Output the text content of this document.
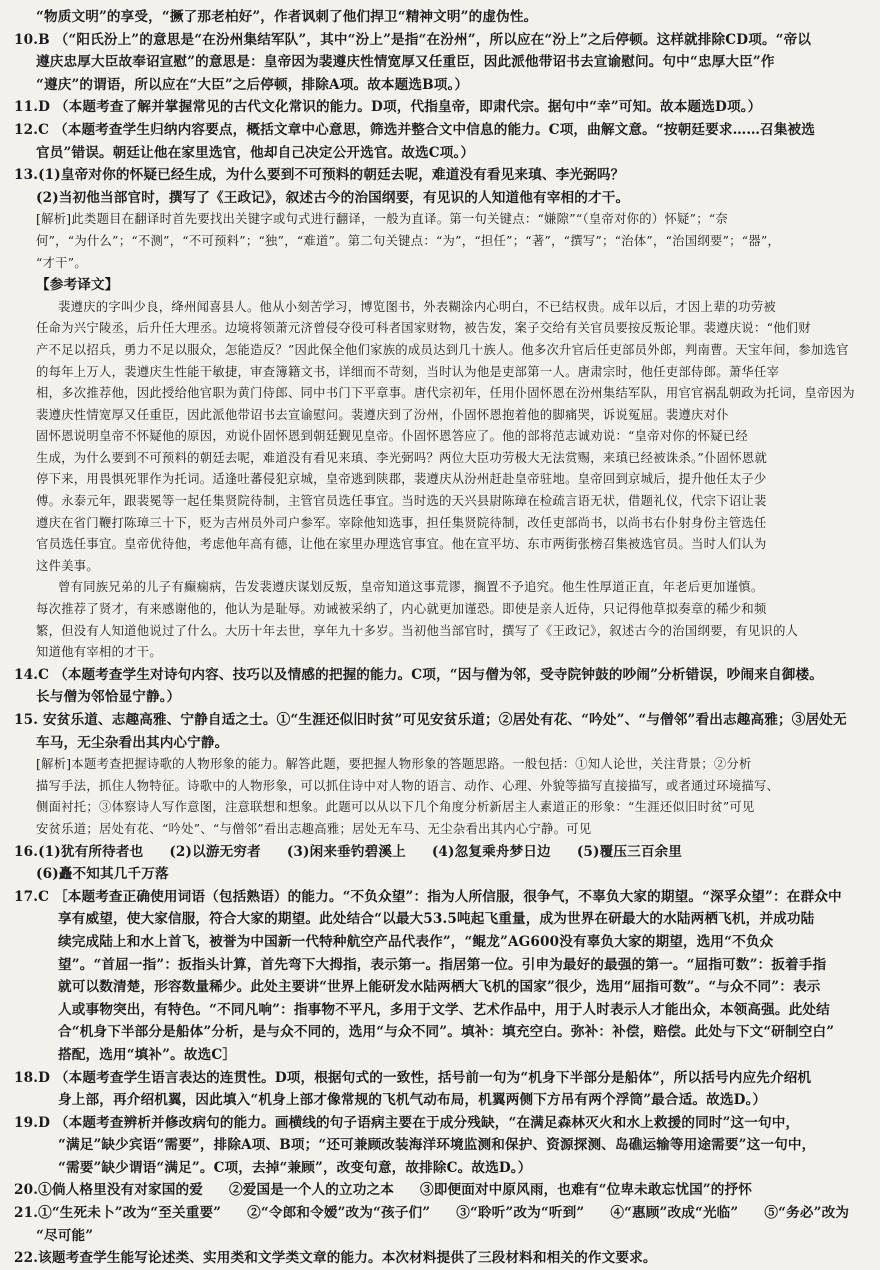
“物质文明”的享受，“撅了那老柏好”，作者讽刺了他们捍卫“精神文明”的虚伪性。
10.B （“阳氏汾上”的意思是“在汾州集结军队”，其中“汾上”是指“在汾州”，所以应在“汾上”之后停顿。这样就排除CD项。“帝以
遵庆忠厚大臣故奉诏宣慰”的意思是：皇帝因为裴遵庆性情宽厚又任重臣，因此派他带诏书去宣谕慰问。句中“忠厚大臣”作
“遵庆”的谓语，所以应在“大臣”之后停顿，排除A项。故本题选B项。）
11.D （本题考查了解并掌握常见的古代文化常识的能力。D项，代指皇帝，即肃代宗。据句中“幸”可知。故本题选D项。）
12.C （本题考查学生归纳内容要点，概括文章中心意思，筛选并整合文中信息的能力。C项，曲解文意。“按朝廷要求……召集被选
官员”错误。朝廷让他在家里选官，他却自己决定公开选官。故选C项。）
13.(1)皇帝对你的怀疑已经生成，为什么要到不可预料的朝廷去呢，难道没有看见来瑱、李光弼吗？
(2)当初他当部官时，撰写了《王政记》，叙述古今的治国纲要，有见识的人知道他有宰相的才干。
[解析]此类题目在翻译时首先要找出关键字或句式进行翻译，一般为直译。第一句关键点：“嫌隙”“（皇帝对你的）怀疑”；“奈
何”，“为什么”；“不测”，“不可预料”；“独”，“难道”。第二句关键点：“为”，“担任”；“著”，“撰写”；“治体”，“治国纲要”；“器”，
“才干”。
【参考译文】
裴遵庆的字叫少良，绛州闻喜县人。他从小刻苦学习，博览图书，外表糊涂内心明白，不已结权贵。成年以后，才因上辈的功劳被
任命为兴宁陵丞，后升任大理丞。边境将领萧元济曾侵夺役可科者国家财物，被告发，案子交给有关官员要按反叛论罪。裴遵庆说：“他们财
产不足以招兵，勇力不足以服众，怎能造反？”因此保全他们家族的成员达到几十族人。他多次升官后任吏部员外郎，判南曹。天宝年间，参加选官
的每年上万人，裴遵庆生性能干敏捷，审查簿籍文书，详细而不苛刻，当时认为他是吏部第一人。唐肃宗时，他任吏部侍郎。萧华任宰
相，多次推荐他，因此授给他官职为黄门侍郎、同中书门下平章事。唐代宗初年，任用仆固怀恩在汾州集结军队，用官官祸乱朝政为托词，皇帝因为
裴遵庆性情宽厚又任重臣，因此派他带诏书去宣谕慰问。裴遵庆到了汾州，仆固怀恩抱着他的脚痛哭，诉说冤屈。裴遵庆对仆
固怀恩说明皇帝不怀疑他的原因，劝说仆固怀恩到朝廷觐见皇帝。仆固怀恩答应了。他的部将范志诚劝说：“皇帝对你的怀疑已经
生成，为什么要到不可预料的朝廷去呢，难道没有看见来瑱、李光弼吗？两位大臣功劳极大无法赏赐，来瑱已经被诛杀。”仆固怀恩就
停下来，用畏惧死罪作为托词。适逢吐蕃侵犯京城，皇帝逃到陕郡，裴遵庆从汾州赶赴皇帝驻地。皇帝回到京城后，提升他任太子少
傅。永泰元年，跟裴冕等一起任集贤院待制，主管官员选任事宜。当时选的天兴县尉陈璋在检疏言语无状，借题礼仪，代宗下诏让裴
遵庆在省门鞭打陈璋三十下，贬为吉州员外司户参军。宰除他知选事，担任集贤院待制，改任吏部尚书，以尚书右仆射身份主管选任
官员选任事宜。皇帝优待他，考虑他年高有德，让他在家里办理选官事宜。他在宣平坊、东市两街张榜召集被选官员。当时人们认为
这件美事。
曾有同族兄弟的儿子有癫痫病，告发裴遵庆谋划反叛，皇帝知道这事荒谬，搁置不予追究。他生性厚道正直，年老后更加谨慎。
每次推荐了贤才，有来感谢他的，他认为是耻辱。劝诫被采纳了，内心就更加谨恐。即使是亲人近侍，只记得他草拟奏章的稀少和频
繁，但没有人知道他说过了什么。大历十年去世，享年九十多岁。当初他当部官时，撰写了《王政记》，叙述古今的治国纲要，有见识的人
知道他有宰相的才干。
14.C （本题考查学生对诗句内容、技巧以及情感的把握的能力。C项，“因与僧为邻，受寺院钟鼓的吵闹”分析错误，吵闹来自御楼。
长与僧为邻恰显宁静。）
15. 安贫乐道、志趣高雅、宁静自适之士。①“生涯还似旧时贫”可见安贫乐道；②居处有花、“吟处”、“与僧邻”看出志趣高雅；③居处无
车马，无尘杂看出其内心宁静。
[解析]本题考查把握诗歌的人物形象的能力。解答此题，要把握人物形象的答题思路。一般包括：①知人论世，关注背景；②分析
描写手法，抓住人物特征。诗歌中的人物形象，可以抓住诗中对人物的语言、动作、心理、外貌等描写直接描写，或者通过环境描写、
侧面衬托；③体察诗人写作意图，注意联想和想象。此题可以从以下几个角度分析新居主人素道正的形象：“生涯还似旧时贫”可见
安贫乐道；居处有花、“吟处”、“与僧邻”看出志趣高雅；居处无车马、无尘杂看出其内心宁静。可见
16.(1)犹有所待者也 (2)以游无穷者 (3)闲来垂钓碧溪上 (4)忽复乘舟梦日边 (5)覆压三百余里
(6)矗不知其几千万落
17.C ［本题考查正确使用词语（包括熟语）的能力。“不负众望”：指为人所信服，很争气，不辜负大家的期望。“深孚众望”：在群众中
享有威望，使大家信服，符合大家的期望。此处结合“以最大53.5吨起飞重量，成为世界在研最大的水陆两栖飞机，并成功陆
续完成陆上和水上首飞，被誉为中国新一代特种航空产品代表作”，“鲲龙”AG600没有辜负大家的期望，选用“不负众
望”。“首屈一指”：扳指头计算，首先弯下大拇指，表示第一。指居第一位。引申为最好的最强的第一。“屈指可数”：扳着手指
就可以数清楚，形容数量稀少。此处主要讲“世界上能研发水陆两栖大飞机的国家”很少，选用“屈指可数”。“与众不同”：表示
人或事物突出，有特色。“不同凡响”：指事物不平凡，多用于文学、艺术作品中，用于人时表示人才能出众，本领高强。此处结
合“机身下半部分是船体”分析，是与众不同的，选用“与众不同”。填补：填充空白。弥补：补偿，赔偿。此处与下文“研制空白”
搭配，选用“填补”。故选C］
18.D （本题考查学生语言表达的连贯性。D项，根据句式的一致性，括号前一句为“机身下半部分是船体”，所以括号内应先介绍机
身上部，再介绍机翼，因此填入“机身上部才像常规的飞机气动布局，机翼两侧下方吊有两个浮筒”最合适。故选D。）
19.D （本题考查辨析并修改病句的能力。画横线的句子语病主要在于成分残缺，“在满足森林灭火和水上救援的同时”这一句中，
“满足”缺少宾语“需要”，排除A项、B项；“还可兼顾改装海洋环境监测和保护、资源探测、岛礁运输等用途需要”这一句中，
“需要”缺少谓语“满足”。C项，去掉“兼顾”，改变句意，故排除C。故选D。）
20.①倘人格里没有对家国的爱 ②爱国是一个人的立功之本 ③即便面对中原风雨，也难有“位卑未敢忘忧国”的抒怀
21.①“生死未卜”改为“至关重要” ②“令郎和令嫒”改为“孩子们” ③“聆听”改为“听到” ④“惠顾”改成“光临” ⑤“务必”改为
“尽可能”
22.该题考查学生能写论述类、实用类和文学类文章的能力。本次材料提供了三段材料和相关的作文要求。
